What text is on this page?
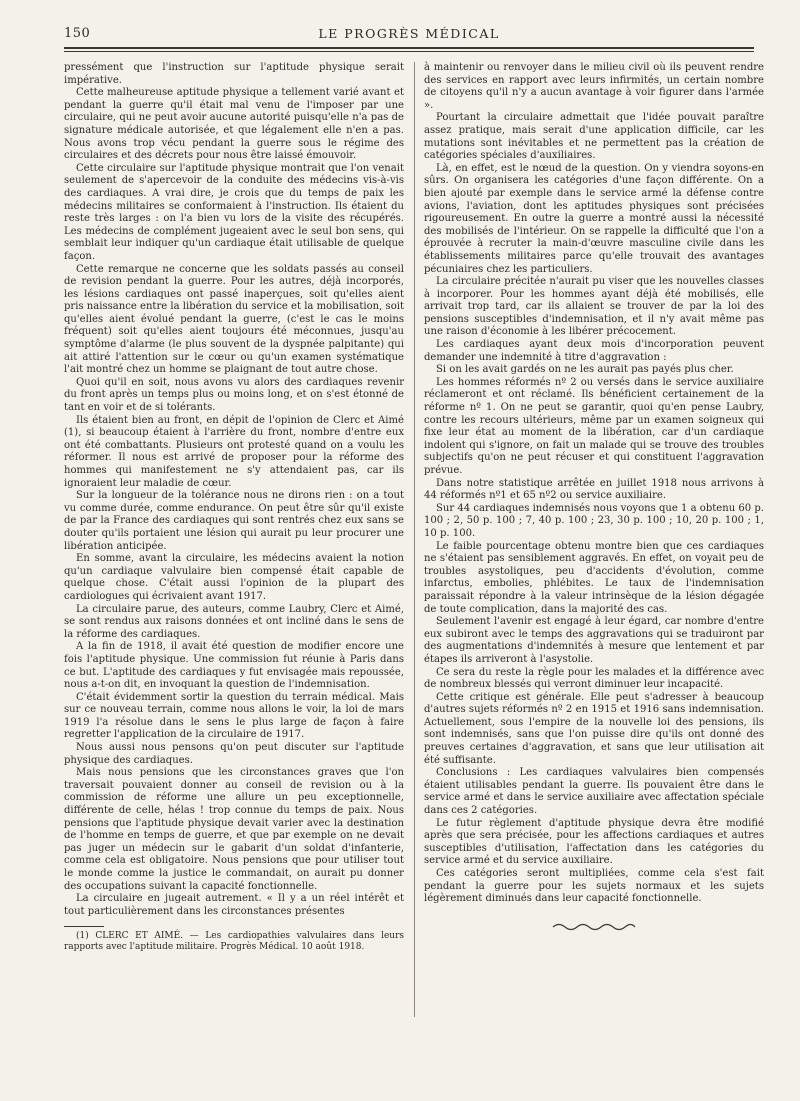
150	LE PROGRÈS MÉDICAL

pressément que l'instruction sur l'aptitude physique serait impérative.

Cette malheureuse aptitude physique a tellement varié avant et pendant la guerre qu'il était mal venu de l'imposer par une circulaire, qui ne peut avoir aucune autorité puisqu'elle n'a pas de signature médicale autorisée, et que légalement elle n'en a pas. Nous avons trop vécu pendant la guerre sous le régime des circulaires et des décrets pour nous être laissé émouvoir.

Cette circulaire sur l'aptitude physique montrait que l'on venait seulement de s'apercevoir de la conduite des médecins vis-à-vis des cardiaques. A vrai dire, je crois que du temps de paix les médecins militaires se conformaient à l'instruction. Ils étaient du reste très larges : on l'a bien vu lors de la visite des récupérés. Les médecins de complément jugeaient avec le seul bon sens, qui semblait leur indiquer qu'un cardiaque était utilisable de quelque façon.

Cette remarque ne concerne que les soldats passés au conseil de revision pendant la guerre. Pour les autres, déjà incorporés, les lésions cardiaques ont passé inaperçues, soit qu'elles aient pris naissance entre la libération du service et la mobilisation, soit qu'elles aient évolué pendant la guerre, (c'est le cas le moins fréquent) soit qu'elles aient toujours été méconnues, jusqu'au symptôme d'alarme (le plus souvent de la dyspnée palpitante) qui ait attiré l'attention sur le cœur ou qu'un examen systématique l'ait montré chez un homme se plaignant de tout autre chose.

Quoi qu'il en soit, nous avons vu alors des cardiaques revenir du front après un temps plus ou moins long, et on s'est étonné de tant en voir et de si tolérants.

Ils étaient bien au front, en dépit de l'opinion de Clerc et Aimé (1), si beaucoup étaient à l'arrière du front, nombre d'entre eux ont été combattants. Plusieurs ont protesté quand on a voulu les réformer. Il nous est arrivé de proposer pour la réforme des hommes qui manifestement ne s'y attendaient pas, car ils ignoraient leur maladie de cœur.

Sur la longueur de la tolérance nous ne dirons rien : on a tout vu comme durée, comme endurance. On peut être sûr qu'il existe de par la France des cardiaques qui sont rentrés chez eux sans se douter qu'ils portaient une lésion qui aurait pu leur procurer une libération anticipée.

En somme, avant la circulaire, les médecins avaient la notion qu'un cardiaque valvulaire bien compensé était capable de quelque chose. C'était aussi l'opinion de la plupart des cardiologues qui écrivaient avant 1917.

La circulaire parue, des auteurs, comme Laubry, Clerc et Aimé, se sont rendus aux raisons données et ont incliné dans le sens de la réforme des cardiaques.

A la fin de 1918, il avait été question de modifier encore une fois l'aptitude physique. Une commission fut réunie à Paris dans ce but. L'aptitude des cardiaques y fut envisagée mais repoussée, nous a-t-on dit, en invoquant la question de l'indemnisation.

C'était évidemment sortir la question du terrain médical. Mais sur ce nouveau terrain, comme nous allons le voir, la loi de mars 1919 l'a résolue dans le sens le plus large de façon à faire regretter l'application de la circulaire de 1917.

Nous aussi nous pensons qu'on peut discuter sur l'aptitude physique des cardiaques.

Mais nous pensions que les circonstances graves que l'on traversait pouvaient donner au conseil de revision ou à la commission de réforme une allure un peu exceptionnelle, différente de celle, hélas ! trop connue du temps de paix. Nous pensions que l'aptitude physique devait varier avec la destination de l'homme en temps de guerre, et que par exemple on ne devait pas juger un médecin sur le gabarit d'un soldat d'infanterie, comme cela est obligatoire. Nous pensions que pour utiliser tout le monde comme la justice le commandait, on aurait pu donner des occupations suivant la capacité fonctionnelle.

La circulaire en jugeait autrement. « Il y a un réel intérêt et tout particulièrement dans les circonstances présentes

(1) CLERC ET AIMÉ. — Les cardiopathies valvulaires dans leurs rapports avec l'aptitude militaire. Progrès Médical. 10 août 1918.

à maintenir ou renvoyer dans le milieu civil où ils peuvent rendre des services en rapport avec leurs infirmités, un certain nombre de citoyens qu'il n'y a aucun avantage à voir figurer dans l'armée ».

Pourtant la circulaire admettait que l'idée pouvait paraître assez pratique, mais serait d'une application difficile, car les mutations sont inévitables et ne permettent pas la création de catégories spéciales d'auxiliaires.

Là, en effet, est le nœud de la question. On y viendra soyons-en sûrs. On organisera les catégories d'une façon différente. On a bien ajouté par exemple dans le service armé la défense contre avions, l'aviation, dont les aptitudes physiques sont précisées rigoureusement. En outre la guerre a montré aussi la nécessité des mobilisés de l'intérieur. On se rappelle la difficulté que l'on a éprouvée à recruter la main-d'œuvre masculine civile dans les établissements militaires parce qu'elle trouvait des avantages pécuniaires chez les particuliers.

La circulaire précitée n'aurait pu viser que les nouvelles classes à incorporer. Pour les hommes ayant déjà été mobilisés, elle arrivait trop tard, car ils allaient se trouver de par la loi des pensions susceptibles d'indemnisation, et il n'y avait même pas une raison d'économie à les libérer précocement.

Les cardiaques ayant deux mois d'incorporation peuvent demander une indemnité à titre d'aggravation :

Si on les avait gardés on ne les aurait pas payés plus cher.

Les hommes réformés nº 2 ou versés dans le service auxiliaire réclameront et ont réclamé. Ils bénéficient certainement de la réforme nº 1. On ne peut se garantir, quoi qu'en pense Laubry, contre les recours ultérieurs, même par un examen soigneux qui fixe leur état au moment de la libération, car d'un cardiaque indolent qui s'ignore, on fait un malade qui se trouve des troubles subjectifs qu'on ne peut récuser et qui constituent l'aggravation prévue.

Dans notre statistique arrêtée en juillet 1918 nous arrivons à 44 réformés nº1 et 65 nº2 ou service auxiliaire.

Sur 44 cardiaques indemnisés nous voyons que 1 a obtenu 60 p. 100 ; 2, 50 p. 100 ; 7, 40 p. 100 ; 23, 30 p. 100 ; 10, 20 p. 100 ; 1, 10 p. 100.

Le faible pourcentage obtenu montre bien que ces cardiaques ne s'étaient pas sensiblement aggravés. En effet, on voyait peu de troubles asystoliques, peu d'accidents d'évolution, comme infarctus, embolies, phlébites. Le taux de l'indemnisation paraissait répondre à la valeur intrinsèque de la lésion dégagée de toute complication, dans la majorité des cas.

Seulement l'avenir est engagé à leur égard, car nombre d'entre eux subiront avec le temps des aggravations qui se traduiront par des augmentations d'indemnités à mesure que lentement et par étapes ils arriveront à l'asystolie.

Ce sera du reste la règle pour les malades et la différence avec de nombreux blessés qui verront diminuer leur incapacité.

Cette critique est générale. Elle peut s'adresser à beaucoup d'autres sujets réformés nº 2 en 1915 et 1916 sans indemnisation. Actuellement, sous l'empire de la nouvelle loi des pensions, ils sont indemnisés, sans que l'on puisse dire qu'ils ont donné des preuves certaines d'aggravation, et sans que leur utilisation ait été suffisante.

Conclusions : Les cardiaques valvulaires bien compensés étaient utilisables pendant la guerre. Ils pouvaient être dans le service armé et dans le service auxiliaire avec affectation spéciale dans ces 2 catégories.

Le futur règlement d'aptitude physique devra être modifié après que sera précisée, pour les affections cardiaques et autres susceptibles d'utilisation, l'affectation dans les catégories du service armé et du service auxiliaire.

Ces catégories seront multipliées, comme cela s'est fait pendant la guerre pour les sujets normaux et les sujets légèrement diminués dans leur capacité fonctionnelle.
